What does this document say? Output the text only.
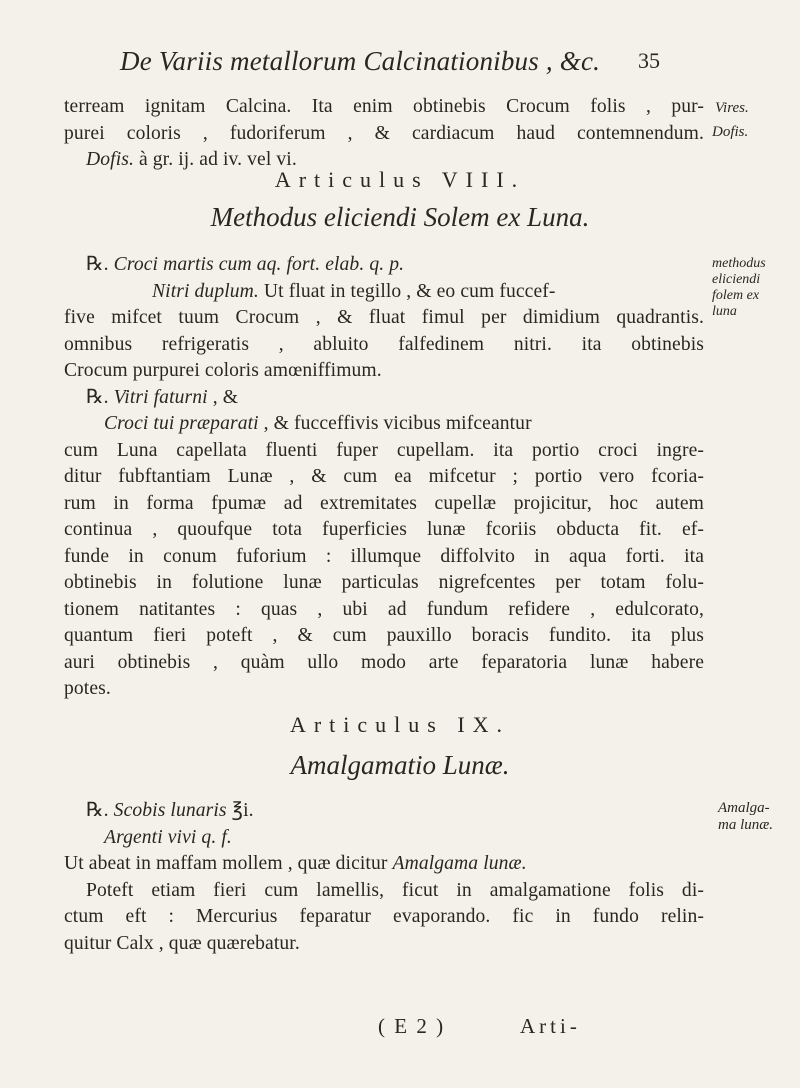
De Variis metallorum Calcinationibus , &c. 35
terream ignitam Calcina. Ita enim obtinebis Crocum folis , pur-
purei coloris , fudoriferum , & cardiacum haud contemnendum.
Dofis. à gr. ij. ad iv. vel vi.
Vires.
Dofis.
Articulus VIII.
Methodus eliciendi Solem ex Luna.
℞. Croci martis cum aq. fort. elab. q. p.
Nitri duplum. Ut fluat in tegillo , & eo cum fuccef-
five mifcet tuum Crocum , & fluat fimul per dimidium quadrantis.
omnibus refrigeratis , abluito falfedinem nitri. ita obtinebis
Crocum purpurei coloris amœniffimum.
℞. Vitri faturni , &
Croci tui præparati , & fucceffivis vicibus mifceantur
cum Luna capellata fluenti fuper cupellam. ita portio croci ingre-
ditur fubftantiam Lunæ , & cum ea mifcetur ; portio vero fcoria-
rum in forma fpumæ ad extremitates cupellæ projicitur, hoc autem
continua , quoufque tota fuperficies lunæ fcoriis obducta fit. ef-
funde in conum fuforium : illumque diffolvito in aqua forti. ita
obtinebis in folutione lunæ particulas nigrefcentes per totam folu-
tionem natitantes : quas , ubi ad fundum refidere , edulcorato,
quantum fieri poteft , & cum pauxillo boracis fundito. ita plus
auri obtinebis , quàm ullo modo arte feparatoria lunæ habere
potes.
methodus
eliciendi
folem ex
luna
Articulus IX.
Amalgamatio Lunæ.
℞. Scobis lunaris ℥i.
Argenti vivi q. f.
Ut abeat in maffam mollem , quæ dicitur Amalgama lunæ.
Poteft etiam fieri cum lamellis, ficut in amalgamatione folis di-
ctum eft : Mercurius feparatur evaporando. fic in fundo relin-
quitur Calx , quæ quærebatur.
Amalga-
ma lunæ.
( E 2 )	Arti-
